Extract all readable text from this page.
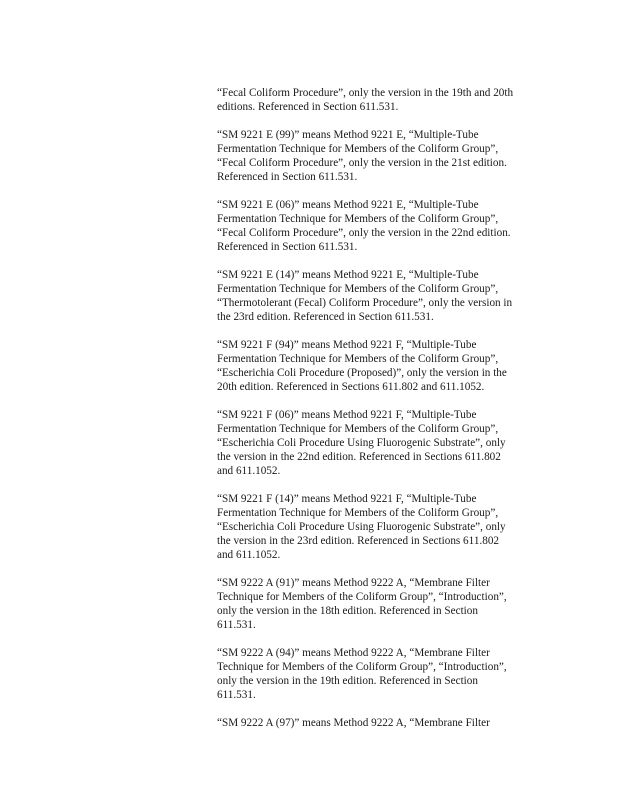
“Fecal Coliform Procedure”, only the version in the 19th and 20th
editions. Referenced in Section 611.531.

“SM 9221 E (99)” means Method 9221 E, “Multiple-Tube
Fermentation Technique for Members of the Coliform Group”,
“Fecal Coliform Procedure”, only the version in the 21st edition.
Referenced in Section 611.531.

“SM 9221 E (06)” means Method 9221 E, “Multiple-Tube
Fermentation Technique for Members of the Coliform Group”,
“Fecal Coliform Procedure”, only the version in the 22nd edition.
Referenced in Section 611.531.

“SM 9221 E (14)” means Method 9221 E, “Multiple-Tube
Fermentation Technique for Members of the Coliform Group”,
“Thermotolerant (Fecal) Coliform Procedure”, only the version in
the 23rd edition. Referenced in Section 611.531.

“SM 9221 F (94)” means Method 9221 F, “Multiple-Tube
Fermentation Technique for Members of the Coliform Group”,
“Escherichia Coli Procedure (Proposed)”, only the version in the
20th edition. Referenced in Sections 611.802 and 611.1052.

“SM 9221 F (06)” means Method 9221 F, “Multiple-Tube
Fermentation Technique for Members of the Coliform Group”,
“Escherichia Coli Procedure Using Fluorogenic Substrate”, only
the version in the 22nd edition. Referenced in Sections 611.802
and 611.1052.

“SM 9221 F (14)” means Method 9221 F, “Multiple-Tube
Fermentation Technique for Members of the Coliform Group”,
“Escherichia Coli Procedure Using Fluorogenic Substrate”, only
the version in the 23rd edition. Referenced in Sections 611.802
and 611.1052.

“SM 9222 A (91)” means Method 9222 A, “Membrane Filter
Technique for Members of the Coliform Group”, “Introduction”,
only the version in the 18th edition. Referenced in Section
611.531.

“SM 9222 A (94)” means Method 9222 A, “Membrane Filter
Technique for Members of the Coliform Group”, “Introduction”,
only the version in the 19th edition. Referenced in Section
611.531.

“SM 9222 A (97)” means Method 9222 A, “Membrane Filter
